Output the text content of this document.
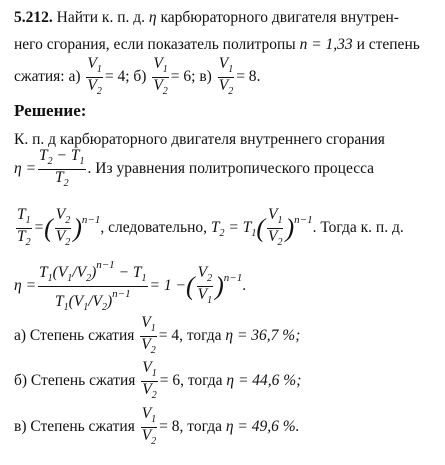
5.212. Найти к. п. д. η карбюраторного двигателя внутрен-
него сгорания, если показатель политропы n = 1,33 и степень
сжатия: $а) \frac{V_1}{V_2} = 4$; $б) \frac{V_1}{V_2} = 6$; $в) \frac{V_1}{V_2} = 8$.
Решение:
К. п. д карбюраторного двигателя внутреннего сгорания
$\eta = \frac{T_2 - T_1}{T_2}$ . Из уравнения политропического процесса
$\frac{T_1}{T_2}$ =( $\frac{V_2}{V_2} )^{n-1}$, следовательно, $T_2 = T_1( \frac{V_1}{V_2} )^{n-1}$. Тогда к. п. д.
$\eta = \frac{T_1(V_1/V_2)^{n-1} - T_1}{T_1(V_1/V_2)^{n-1}} = 1$ −( $\frac{V_2}{V_1} )^{n-1}$.
а) Степень сжатия $\frac{V_1}{V_2} = 4$, тогда η = 36,7 %;
б) Степень сжатия $\frac{V_1}{V_2} = 6$, тогда η = 44,6 %;
в) Степень сжатия $\frac{V_1}{V_2} = 8$, тогда η = 49,6 %.
